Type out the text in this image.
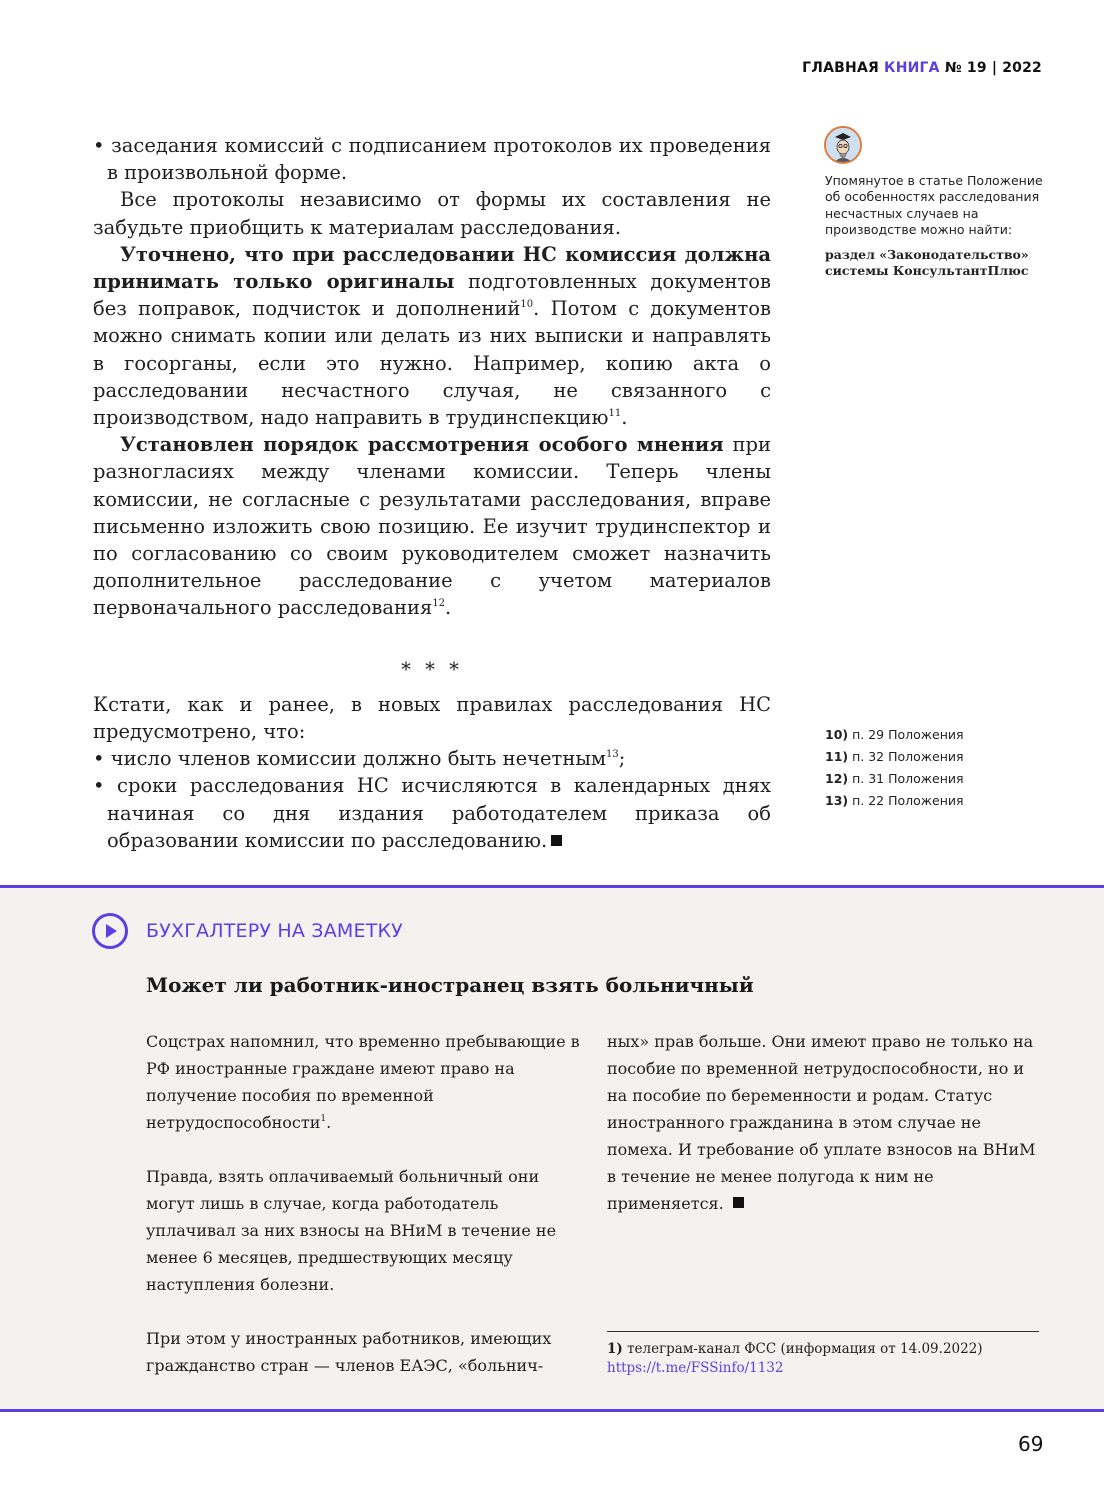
ГЛАВНАЯ КНИГА № 19 | 2022

• заседания комиссий с подписанием протоколов их проведения в произвольной форме.

Все протоколы независимо от формы их составления не забудьте приобщить к материалам расследования.

Уточнено, что при расследовании НС комиссия должна принимать только оригиналы подготовленных документов без поправок, подчисток и дополнений$^{10}$. Потом с документов можно снимать копии или делать из них выписки и направлять в госорганы, если это нужно. Например, копию акта о расследовании несчастного случая, не связанного с производством, надо направить в трудинспекцию$^{11}$.

Установлен порядок рассмотрения особого мнения при разногласиях между членами комиссии. Теперь члены комиссии, не согласные с результатами расследования, вправе письменно изложить свою позицию. Ее изучит трудинспектор и по согласованию со своим руководителем сможет назначить дополнительное расследование с учетом материалов первоначального расследования$^{12}$.

* * *

Кстати, как и ранее, в новых правилах расследования НС предусмотрено, что:

• число членов комиссии должно быть нечетным$^{13}$;

• сроки расследования НС исчисляются в календарных днях начиная со дня издания работодателем приказа об образовании комиссии по расследованию.

Упомянутое в статье Положение об особенностях расследования несчастных случаев на производстве можно найти:
раздел «Законодательство» системы КонсультантПлюс
10) п. 29 Положения
11) п. 32 Положения
12) п. 31 Положения
13) п. 22 Положения
БУХГАЛТЕРУ НА ЗАМЕТКУ
Может ли работник-иностранец взять больничный

Соцстрах напомнил, что временно пребывающие в РФ иностранные граждане имеют право на получение пособия по временной нетрудоспособности$^1$.

Правда, взять оплачиваемый больничный они могут лишь в случае, когда работодатель уплачивал за них взносы на ВНиМ в течение не менее 6 месяцев, предшествующих месяцу наступления болезни.

При этом у иностранных работников, имеющих гражданство стран — членов ЕАЭС, «больнич-

ных» прав больше. Они имеют право не только на пособие по временной нетрудоспособности, но и на пособие по беременности и родам. Статус иностранного гражданина в этом случае не помеха. И требование об уплате взносов на ВНиМ в течение не менее полугода к ним не применяется.

1) телеграм-канал ФСС (информация от 14.09.2022)
https://t.me/FSSinfo/1132
69
